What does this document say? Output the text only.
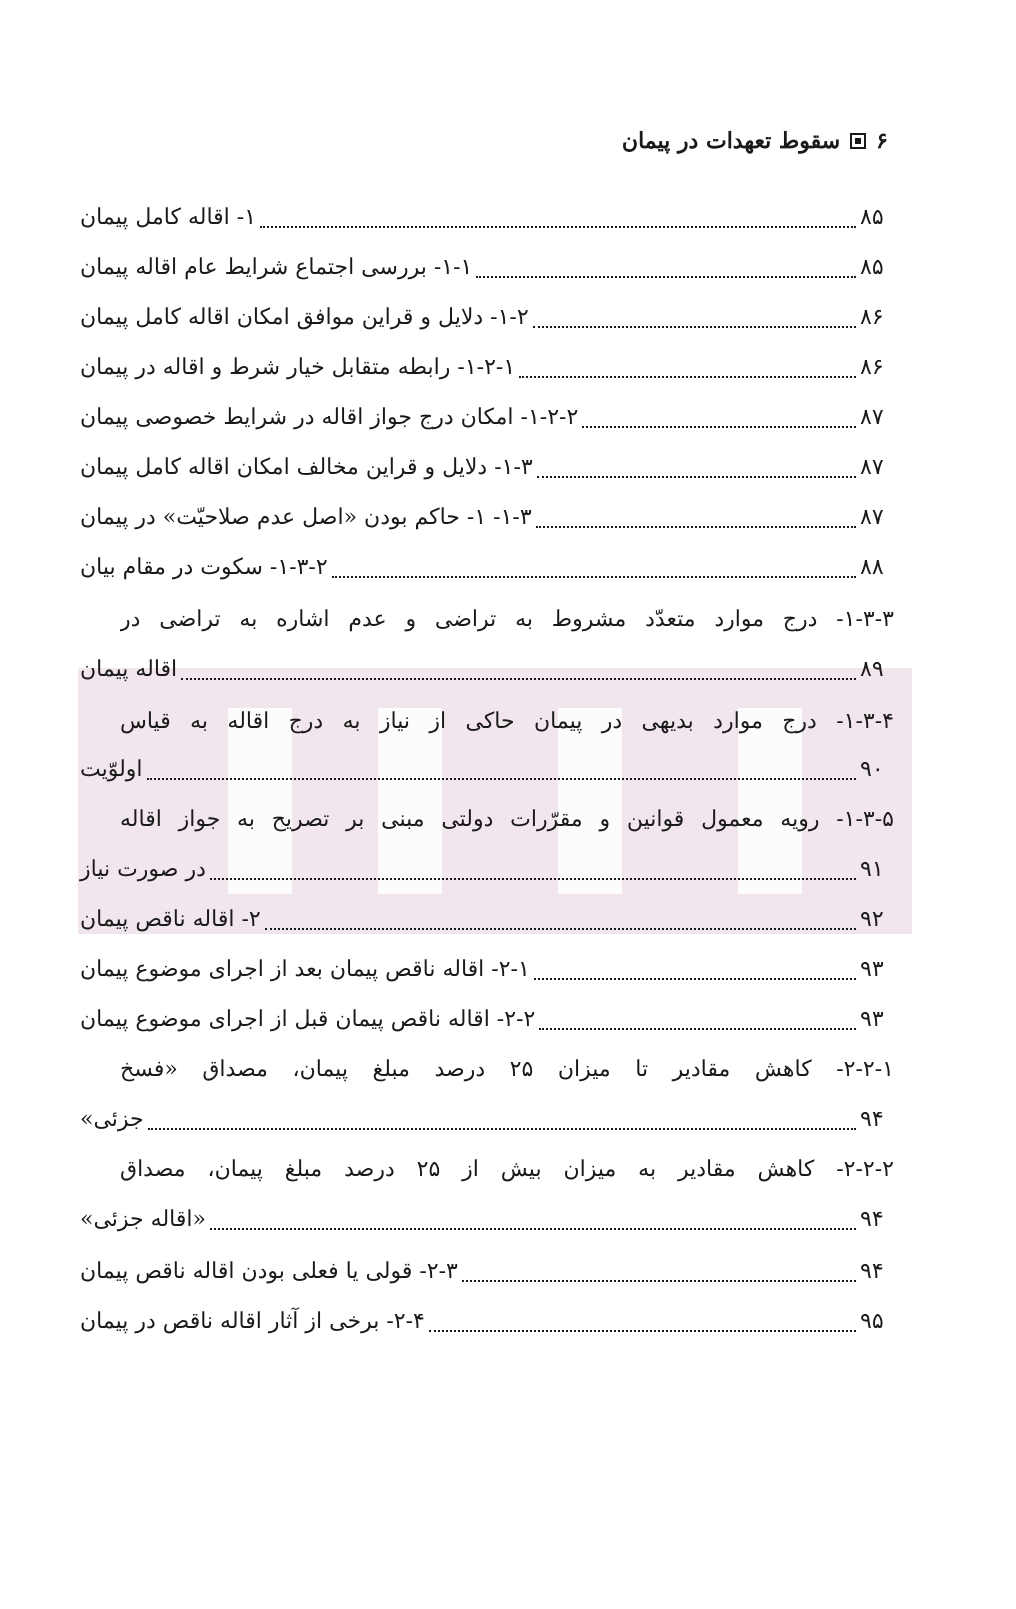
۶
سقوط تعهدات در پیمان
۱- اقاله کامل پیمان	۸۵
۱-۱- بررسی اجتماع شرایط عام اقاله پیمان	۸۵
۱-۲- دلایل و قراین موافق امکان اقاله کامل پیمان	۸۶
۱-۲-۱- رابطه متقابل خیار شرط و اقاله در پیمان	۸۶
۱-۲-۲- امکان درج جواز اقاله در شرایط خصوصی پیمان	۸۷
۱-۳- دلایل و قراین مخالف امکان اقاله کامل پیمان	۸۷
۱-۳- ۱- حاکم بودن «اصل عدم صلاحیّت» در پیمان	۸۷
۱-۳-۲- سکوت در مقام بیان	۸۸
۱-۳-۳- درج موارد متعدّد مشروط به تراضی و عدم اشاره به تراضی در
اقاله پیمان	۸۹
۱-۳-۴- درج موارد بدیهی در پیمان حاکی از نیاز به درج اقاله به قیاس
اولوّیت	۹۰
۱-۳-۵- رویه معمول قوانین و مقرّرات دولتی مبنی بر تصریح به جواز اقاله
در صورت نیاز	۹۱
۲- اقاله ناقص پیمان	۹۲
۲-۱- اقاله ناقص پیمان بعد از اجرای موضوع پیمان	۹۳
۲-۲- اقاله ناقص پیمان قبل از اجرای موضوع پیمان	۹۳
۲-۲-۱- کاهش مقادیر تا میزان ۲۵ درصد مبلغ پیمان، مصداق «فسخ
جزئی»	۹۴
۲-۲-۲- کاهش مقادیر به میزان بیش از ۲۵ درصد مبلغ پیمان، مصداق
«اقاله جزئی»	۹۴
۲-۳- قولی یا فعلی بودن اقاله ناقص پیمان	۹۴
۲-۴- برخی از آثار اقاله ناقص در پیمان	۹۵
